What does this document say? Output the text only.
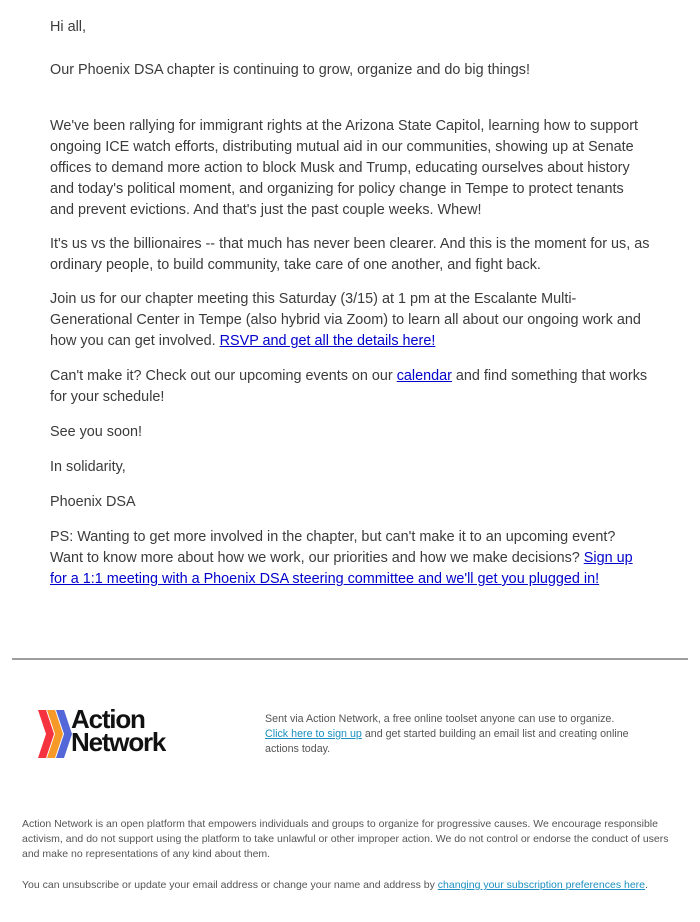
Hi all,

Our Phoenix DSA chapter is continuing to grow, organize and do big things!

We've been rallying for immigrant rights at the Arizona State Capitol, learning how to support ongoing ICE watch efforts, distributing mutual aid in our communities, showing up at Senate offices to demand more action to block Musk and Trump, educating ourselves about history and today's political moment, and organizing for policy change in Tempe to protect tenants and prevent evictions. And that's just the past couple weeks. Whew!

It's us vs the billionaires -- that much has never been clearer. And this is the moment for us, as ordinary people, to build community, take care of one another, and fight back.

Join us for our chapter meeting this Saturday (3/15) at 1 pm at the Escalante Multi-Generational Center in Tempe (also hybrid via Zoom) to learn all about our ongoing work and how you can get involved. RSVP and get all the details here!

Can't make it? Check out our upcoming events on our calendar and find something that works for your schedule!

See you soon!

In solidarity,

Phoenix DSA

PS: Wanting to get more involved in the chapter, but can't make it to an upcoming event? Want to know more about how we work, our priorities and how we make decisions? Sign up for a 1:1 meeting with a Phoenix DSA steering committee and we'll get you plugged in!

Action
Network
Sent via Action Network, a free online toolset anyone can use to organize. Click here to sign up and get started building an email list and creating online actions today.
Action Network is an open platform that empowers individuals and groups to organize for progressive causes. We encourage responsible activism, and do not support using the platform to take unlawful or other improper action. We do not control or endorse the conduct of users and make no representations of any kind about them.
You can unsubscribe or update your email address or change your name and address by changing your subscription preferences here.
